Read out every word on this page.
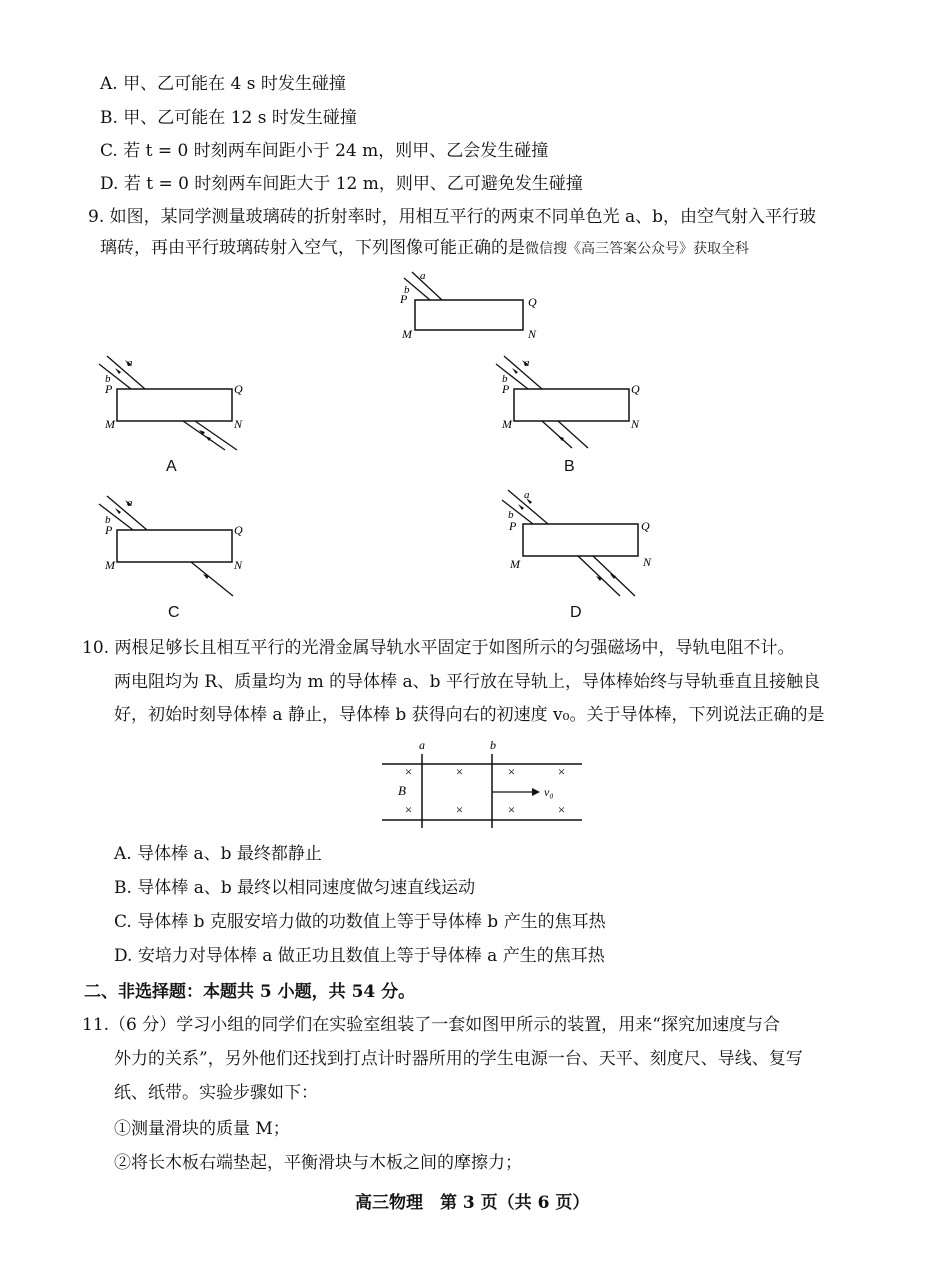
A. 甲、乙可能在 4 s 时发生碰撞
B. 甲、乙可能在 12 s 时发生碰撞
C. 若 t = 0 时刻两车间距小于 24 m，则甲、乙会发生碰撞
D. 若 t = 0 时刻两车间距大于 12 m，则甲、乙可避免发生碰撞
9. 如图，某同学测量玻璃砖的折射率时，用相互平行的两束不同单色光 a、b，由空气射入平行玻
璃砖，再由平行玻璃砖射入空气，下列图像可能正确的是微信搜《高三答案公众号》获取全科
a
b
P	Q
M	N
a
b
P	Q
M	N
A
a
b
P	Q
M	N
B
a
b
P	Q
M	N
C
a
b
P	Q
M	N
D
10. 两根足够长且相互平行的光滑金属导轨水平固定于如图所示的匀强磁场中，导轨电阻不计。
两电阻均为 R、质量均为 m 的导体棒 a、b 平行放在导轨上，导体棒始终与导轨垂直且接触良
好，初始时刻导体棒 a 静止，导体棒 b 获得向右的初速度 v₀。关于导体棒，下列说法正确的是
a	b
B
×	×	×	×
×	×	×	×
v₀
A. 导体棒 a、b 最终都静止
B. 导体棒 a、b 最终以相同速度做匀速直线运动
C. 导体棒 b 克服安培力做的功数值上等于导体棒 b 产生的焦耳热
D. 安培力对导体棒 a 做正功且数值上等于导体棒 a 产生的焦耳热
二、非选择题：本题共 5 小题，共 54 分。
11.（6 分）学习小组的同学们在实验室组装了一套如图甲所示的装置，用来“探究加速度与合
外力的关系”，另外他们还找到打点计时器所用的学生电源一台、天平、刻度尺、导线、复写
纸、纸带。实验步骤如下：
①测量滑块的质量 M；
②将长木板右端垫起，平衡滑块与木板之间的摩擦力；
高三物理　第 3 页（共 6 页）
